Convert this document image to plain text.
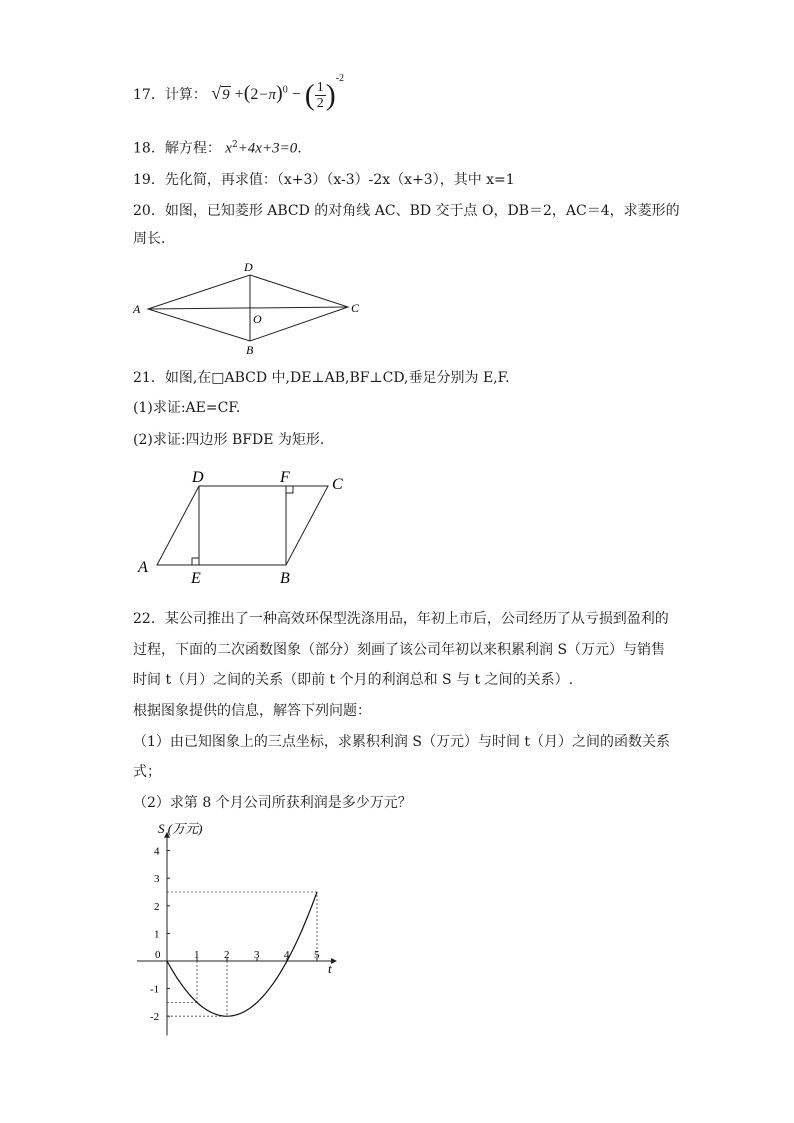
17．计算： $√9 +(2-\pi)^0$ − ( $\frac{1}{2} )^{-2}$
18．解方程： $x^2+4x+3=0$.
19．先化简，再求值：（x+3）（x-3）-2x（x+3），其中 x=1
20．如图，已知菱形 ABCD 的对角线 AC、BD 交于点 O，DB＝2，AC＝4，求菱形的
周长．
A	C
D
B
O
21．如图,在□ABCD 中,DE⊥AB,BF⊥CD,垂足分别为 E,F.
(1)求证:AE=CF.
(2)求证:四边形 BFDE 为矩形.
D	F	C
A
E	B
22．某公司推出了一种高效环保型洗涤用品，年初上市后，公司经历了从亏损到盈利的
过程，下面的二次函数图象（部分）刻画了该公司年初以来积累利润 S（万元）与销售
时间 t（月）之间的关系（即前 t 个月的利润总和 S 与 t 之间的关系）.
根据图象提供的信息，解答下列问题：
（1）由已知图象上的三点坐标，求累积利润 S（万元）与时间 t（月）之间的函数关系
式；
（2）求第 8 个月公司所获利润是多少万元？
1 2 3 4 5
4
3
2
1
-1
-2
S (万元)
t
0
